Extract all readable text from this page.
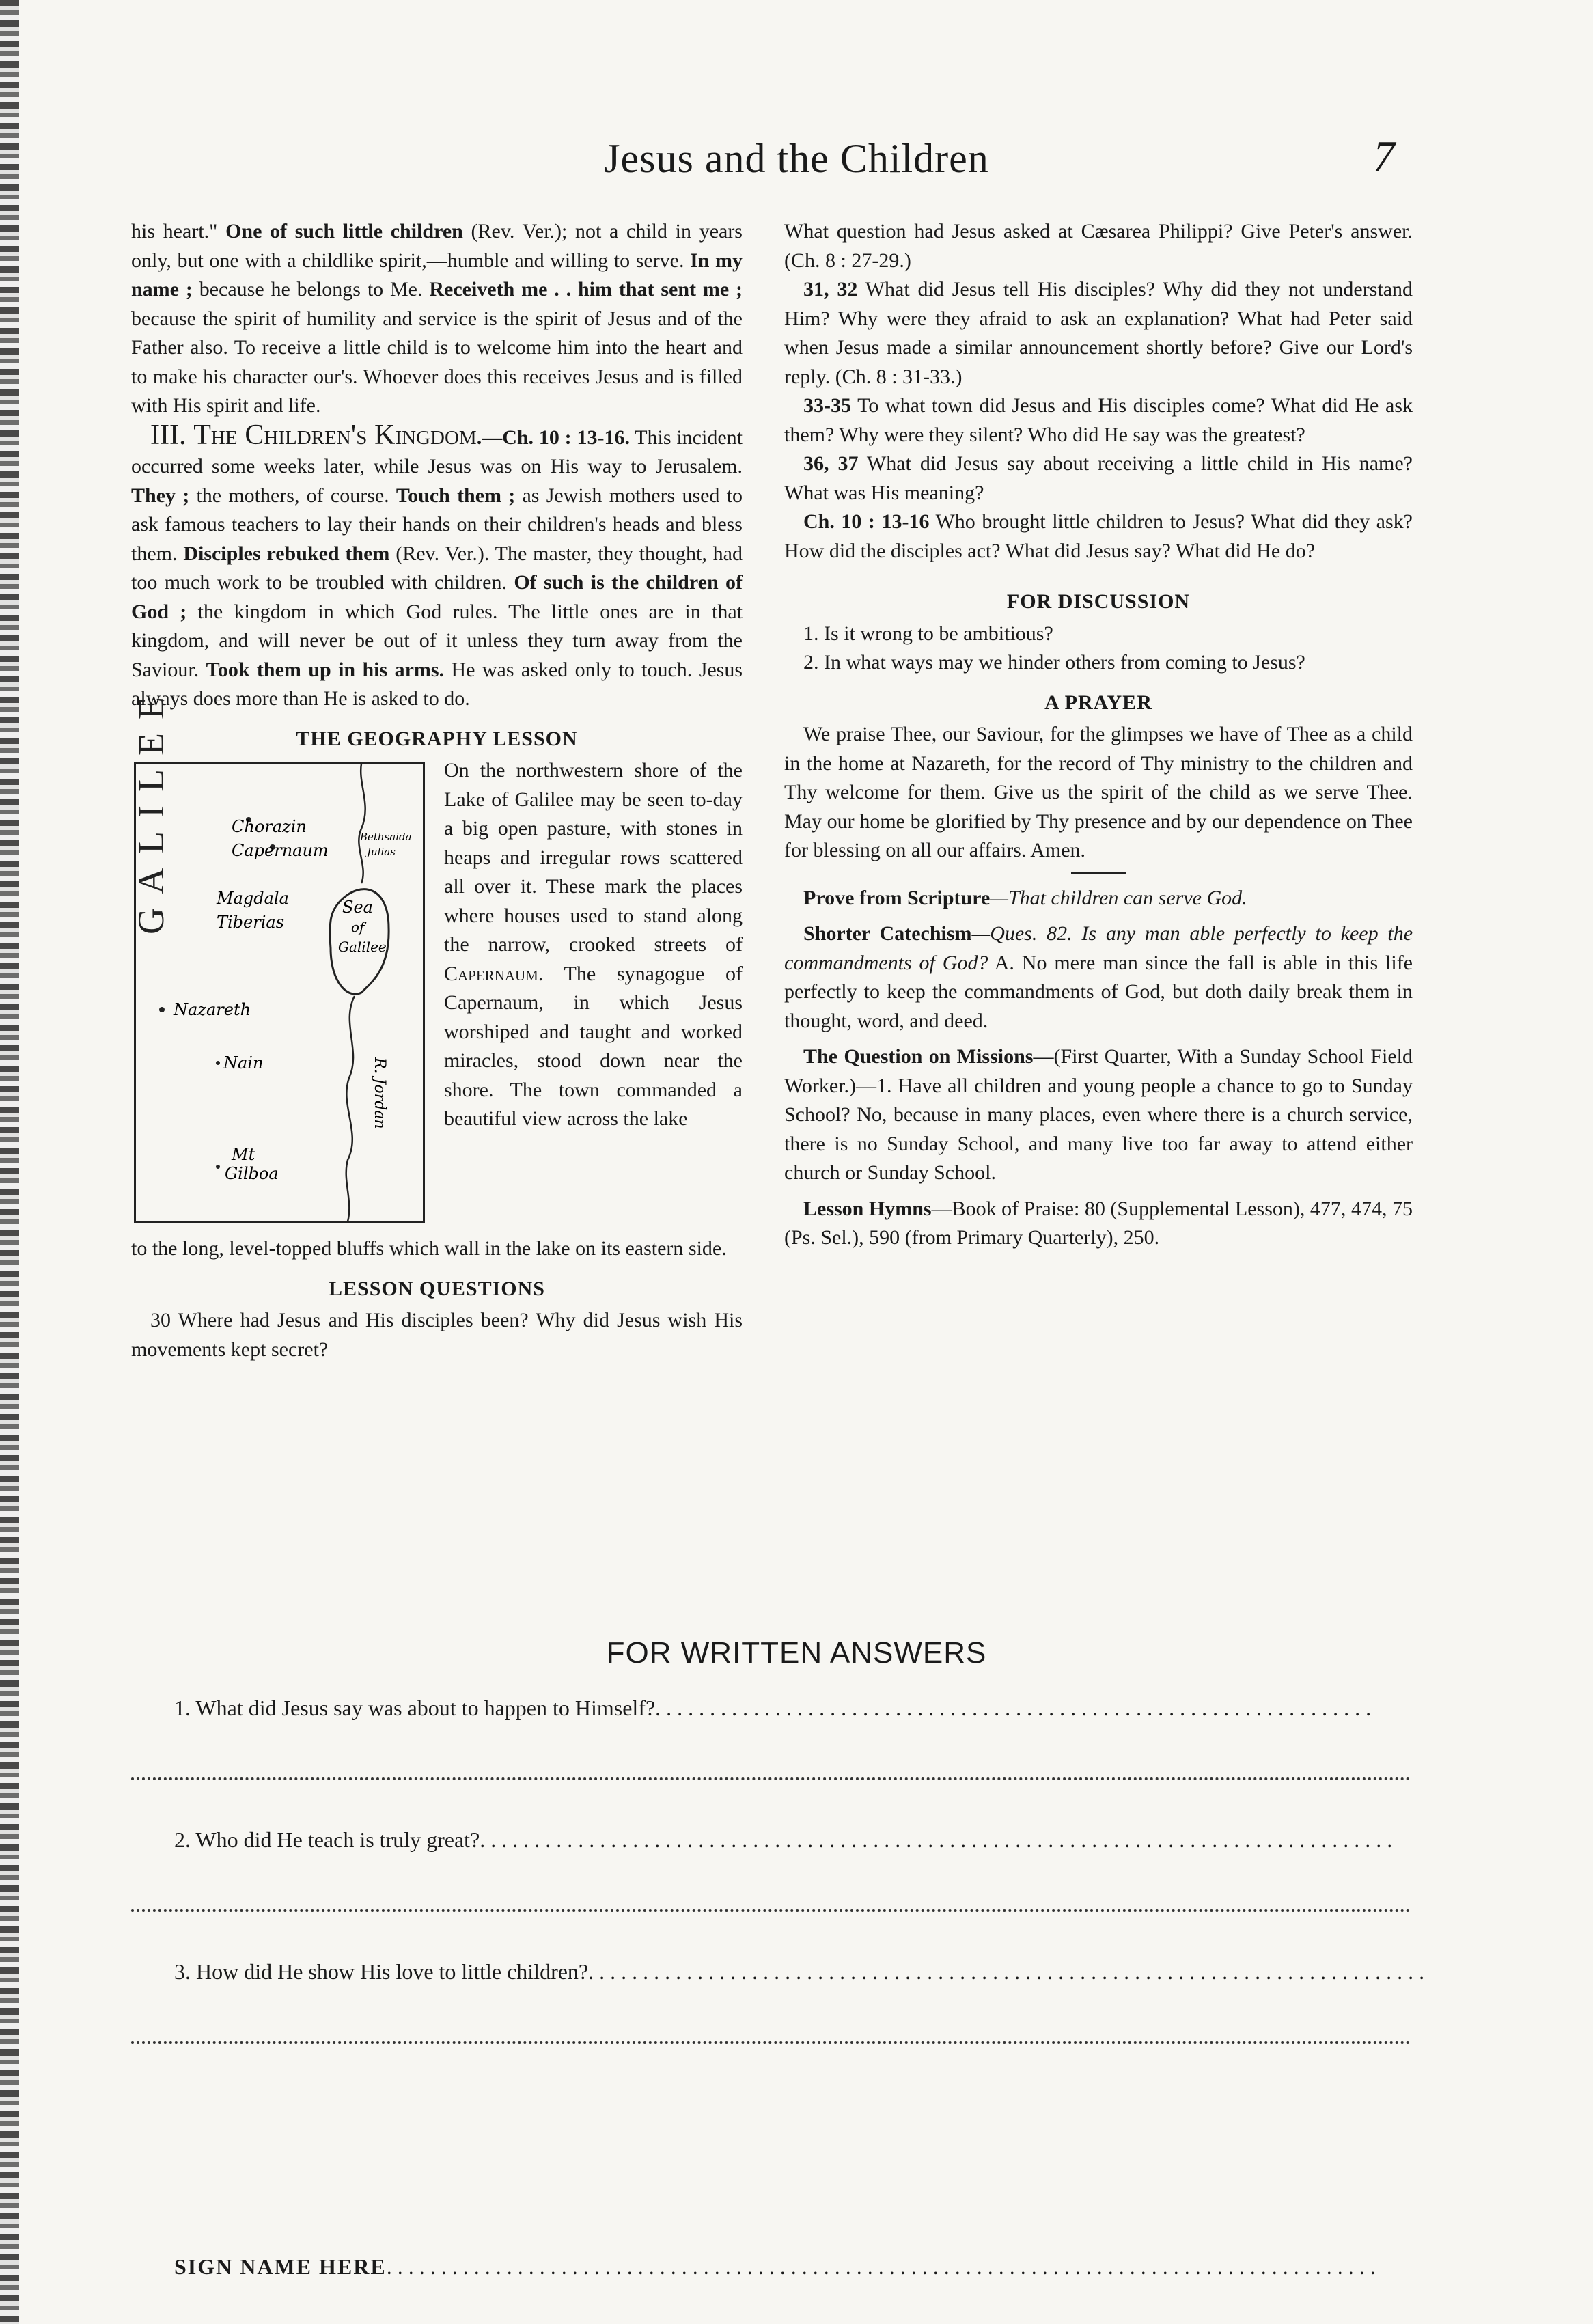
Jesus and the Children	7

his heart." One of such little children (Rev. Ver.); not a child in years only, but one with a childlike spirit,—humble and willing to serve. In my name ; because he belongs to Me. Receiveth me . . him that sent me ; because the spirit of humility and service is the spirit of Jesus and of the Father also. To receive a little child is to welcome him into the heart and to make his character our's. Whoever does this receives Jesus and is filled with His spirit and life.

III. The Children's Kingdom.—Ch. 10 : 13-16. This incident occurred some weeks later, while Jesus was on His way to Jerusalem. They ; the mothers, of course. Touch them ; as Jewish mothers used to ask famous teachers to lay their hands on their children's heads and bless them. Disciples rebuked them (Rev. Ver.). The master, they thought, had too much work to be troubled with children. Of such is the children of God ; the kingdom in which God rules. The little ones are in that kingdom, and will never be out of it unless they turn away from the Saviour. Took them up in his arms. He was asked only to touch. Jesus always does more than He is asked to do.

THE GEOGRAPHY LESSON
GALILEE	Chorazin
Bethsaida
Julias
Capernaum
Magdala
Tiberias
Sea
of
Galilee
Nazareth
Nain	R. Jordan
Mt
Gilboa
On the northwestern shore of the Lake of Galilee may be seen to-day a big open pasture, with stones in heaps and irregular rows scattered all over it. These mark the places where houses used to stand along the narrow, crooked streets of Capernaum. The synagogue of Capernaum, in which Jesus worshiped and taught and worked miracles, stood down near the shore. The town commanded a beautiful view across the lake

to the long, level-topped bluffs which wall in the lake on its eastern side.

LESSON QUESTIONS

30 Where had Jesus and His disciples been? Why did Jesus wish His movements kept secret?

What question had Jesus asked at Cæsarea Philippi? Give Peter's answer. (Ch. 8 : 27-29.)

31, 32 What did Jesus tell His disciples? Why did they not understand Him? Why were they afraid to ask an explanation? What had Peter said when Jesus made a similar announcement shortly before? Give our Lord's reply. (Ch. 8 : 31-33.)

33-35 To what town did Jesus and His disciples come? What did He ask them? Why were they silent? Who did He say was the greatest?

36, 37 What did Jesus say about receiving a little child in His name? What was His meaning?

Ch. 10 : 13-16 Who brought little children to Jesus? What did they ask? How did the disciples act? What did Jesus say? What did He do?

FOR DISCUSSION

1. Is it wrong to be ambitious?

2. In what ways may we hinder others from coming to Jesus?

A PRAYER

We praise Thee, our Saviour, for the glimpses we have of Thee as a child in the home at Nazareth, for the record of Thy ministry to the children and Thy welcome for them. Give us the spirit of the child as we serve Thee. May our home be glorified by Thy presence and by our dependence on Thee for blessing on all our affairs. Amen.

Prove from Scripture—That children can serve God.

Shorter Catechism—Ques. 82. Is any man able perfectly to keep the commandments of God? A. No mere man since the fall is able in this life perfectly to keep the commandments of God, but doth daily break them in thought, word, and deed.

The Question on Missions—(First Quarter, With a Sunday School Field Worker.)—1. Have all children and young people a chance to go to Sunday School? No, because in many places, even where there is a church service, there is no Sunday School, and many live too far away to attend either church or Sunday School.

Lesson Hymns—Book of Praise: 80 (Supplemental Lesson), 477, 474, 75 (Ps. Sel.), 590 (from Primary Quarterly), 250.

FOR WRITTEN ANSWERS
1. What did Jesus say was about to happen to Himself?. . . . . . . . . . . . . . . . . . . . . . . . . . . . . . . . . . . . . . . . . . . . . . . . . . . . . . . . . . . . . . . . . .
2. Who did He teach is truly great?. . . . . . . . . . . . . . . . . . . . . . . . . . . . . . . . . . . . . . . . . . . . . . . . . . . . . . . . . . . . . . . . . . . . . . . . . . . . . . . . . . . .
3. How did He show His love to little children?. . . . . . . . . . . . . . . . . . . . . . . . . . . . . . . . . . . . . . . . . . . . . . . . . . . . . . . . . . . . . . . . . . . . . . . . . . . . .
SIGN NAME HERE. . . . . . . . . . . . . . . . . . . . . . . . . . . . . . . . . . . . . . . . . . . . . . . . . . . . . . . . . . . . . . . . . . . . . . . . . . . . . . . . . . . . . . . . . . .
